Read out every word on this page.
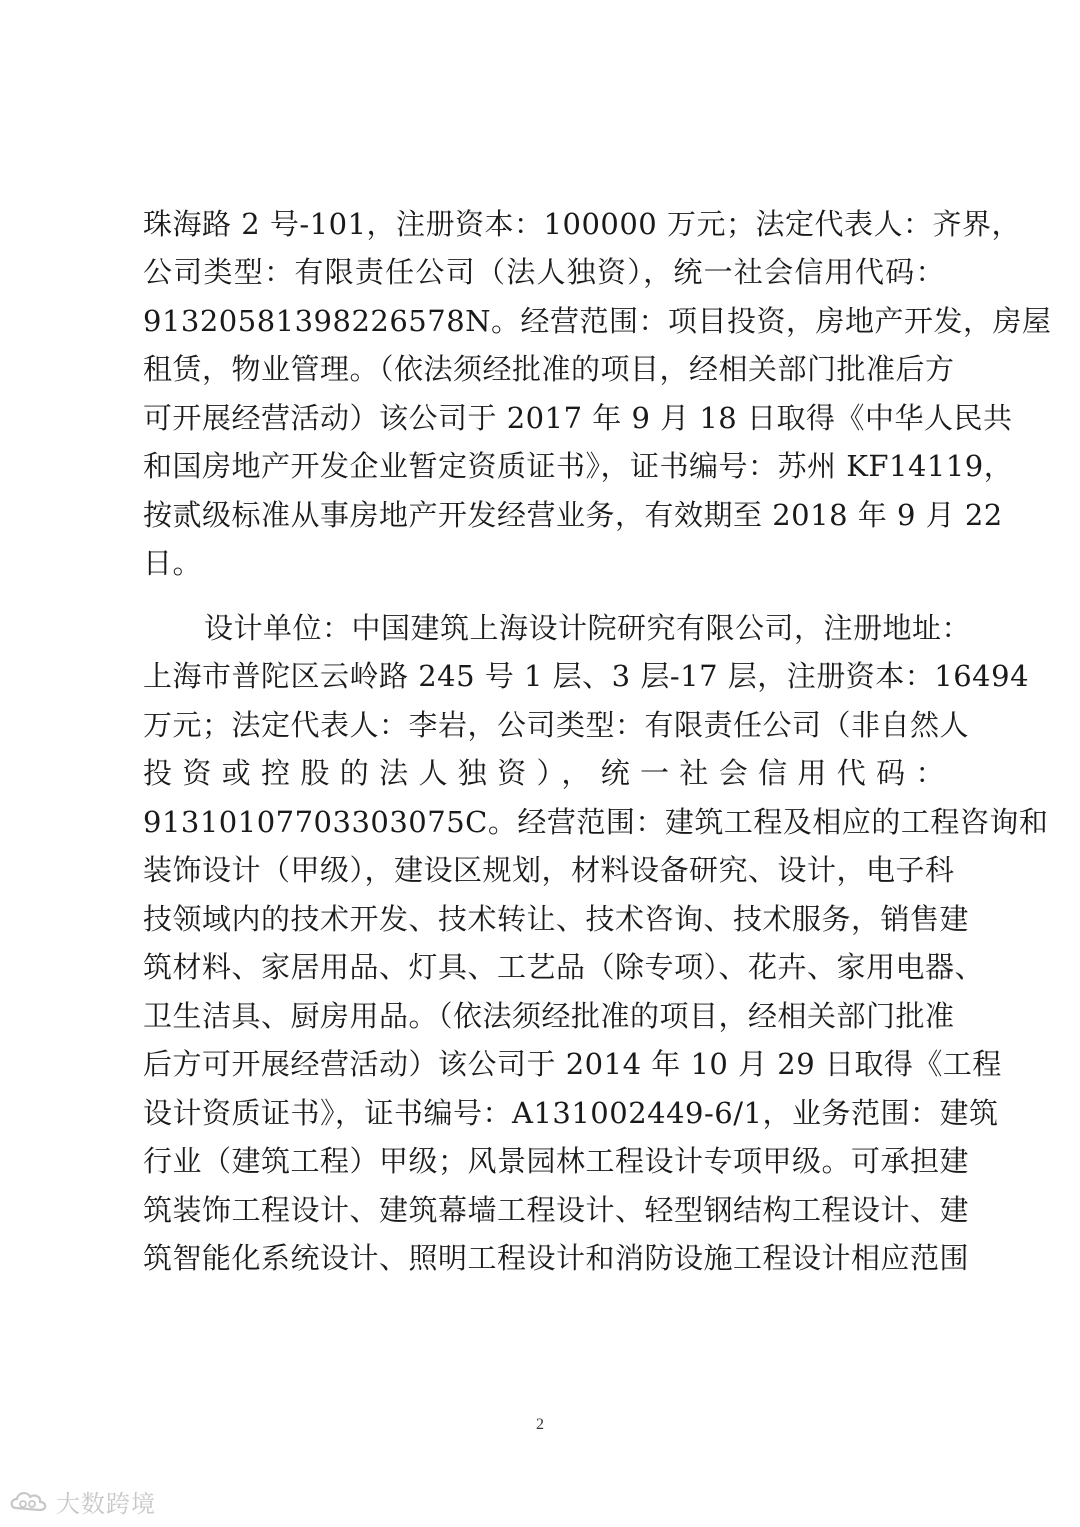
珠海路 2 号-101，注册资本：100000 万元；法定代表人：齐界，
公司类型：有限责任公司（法人独资），统一社会信用代码：
91320581398226578N。经营范围：项目投资，房地产开发，房屋
租赁，物业管理。（依法须经批准的项目，经相关部门批准后方
可开展经营活动）该公司于 2017 年 9 月 18 日取得《中华人民共
和国房地产开发企业暂定资质证书》，证书编号：苏州 KF14119，
按贰级标准从事房地产开发经营业务，有效期至 2018 年 9 月 22
日。
设计单位：中国建筑上海设计院研究有限公司，注册地址：
上海市普陀区云岭路 245 号 1 层、3 层-17 层，注册资本：16494
万元；法定代表人：李岩，公司类型：有限责任公司（非自然人
投资或控股的法人独资），统一社会信用代码：
91310107703303075C。经营范围：建筑工程及相应的工程咨询和
装饰设计（甲级），建设区规划，材料设备研究、设计，电子科
技领域内的技术开发、技术转让、技术咨询、技术服务，销售建
筑材料、家居用品、灯具、工艺品（除专项）、花卉、家用电器、
卫生洁具、厨房用品。（依法须经批准的项目，经相关部门批准
后方可开展经营活动）该公司于 2014 年 10 月 29 日取得《工程
设计资质证书》，证书编号：A131002449-6/1，业务范围：建筑
行业（建筑工程）甲级；风景园林工程设计专项甲级。可承担建
筑装饰工程设计、建筑幕墙工程设计、轻型钢结构工程设计、建
筑智能化系统设计、照明工程设计和消防设施工程设计相应范围
2
大数跨境
